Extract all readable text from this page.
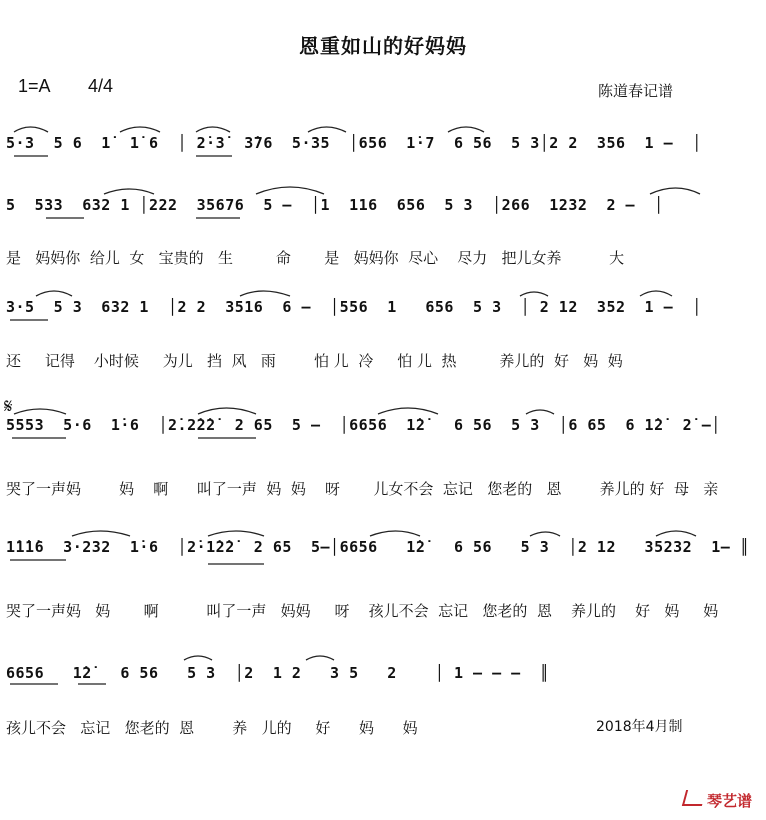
恩重如山的好妈妈
1=A 4/4	陈道春记谱
5·3  5 6  1̇  1̇ 6  │ 2̇·3̇  3̇76  5·35  │656  1̇·7  6 56  5 3│2 2  356  1 –  │
5  533  632 1 │222  35676  5 –  │1  116  656  5 3  │266  1232  2 –  │
是   妈妈你  给儿  女   宝贵的   生         命       是   妈妈你  尽心    尽力   把儿女养          大
3·5  5 3  632 1  │2 2  3516  6 –  │556  1   656  5 3  │ 2 12  352  1 –  │
还     记得    小时候     为儿   挡  风   雨        怕 儿  冷     怕 儿  热         养儿的  好   妈  妈
𝄋
5553  5·6  1̇·6  │2̇.2̇2̇2̇  2 65  5 –  │6656  1̇2̇   6 56  5 3  │6 65  6 1̇2̇  2̇ –│
哭了一声妈        妈    啊      叫了一声  妈  妈    呀       儿女不会  忘记   您老的   恩        养儿的 好  母   亲
1̇1̇1̇6  3·232  1̇·6  │2̇·1̇2̇2̇  2 65  5–│6656   1̇2̇   6 56   5 3  │2 12   35232  1– ║
哭了一声妈   妈       啊          叫了一声   妈妈     呀    孩儿不会  忘记   您老的  恩    养儿的    好   妈     妈
6656   1̇2̇   6 56   5 3  │2  1 2   3 5   2    │ 1 – – –  ║
孩儿不会   忘记   您老的  恩        养   儿的     好      妈      妈	2018年4月制
琴艺谱
